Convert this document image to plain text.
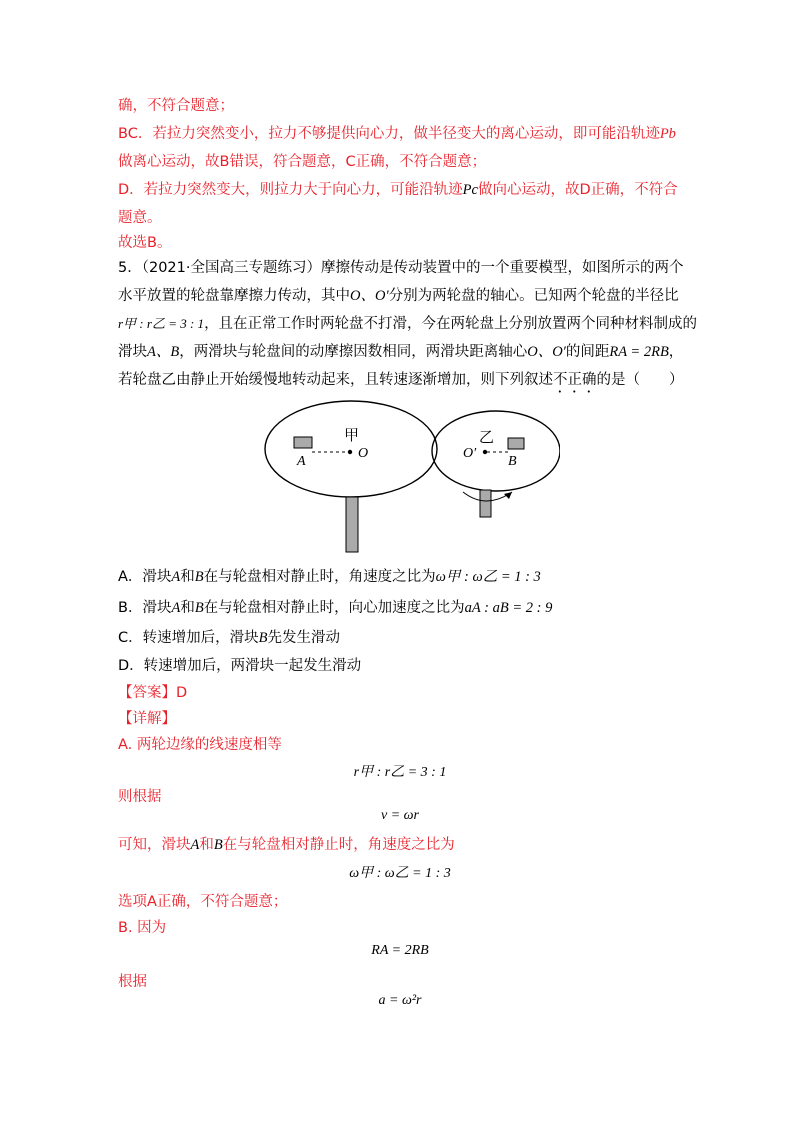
确，不符合题意；
BC．若拉力突然变小，拉力不够提供向心力，做半径变大的离心运动，即可能沿轨迹Pb
做离心运动，故B错误，符合题意，C正确，不符合题意；
D．若拉力突然变大，则拉力大于向心力，可能沿轨迹Pc做向心运动，故D正确，不符合
题意。
故选B。
5．（2021·全国高三专题练习）摩擦传动是传动装置中的一个重要模型，如图所示的两个
水平放置的轮盘靠摩擦力传动，其中O、O′分别为两轮盘的轴心。已知两个轮盘的半径比
r甲 : r乙 = 3 : 1，且在正常工作时两轮盘不打滑，今在两轮盘上分别放置两个同种材料制成的
滑块A、B，两滑块与轮盘间的动摩擦因数相同，两滑块距离轴心O、O′的间距RA = 2RB，
若轮盘乙由静止开始缓慢地转动起来，且转速逐渐增加，则下列叙述不正确的是（　　）
甲	乙
A
O	O′
B
A．滑块A和B在与轮盘相对静止时，角速度之比为ω甲 : ω乙 = 1 : 3
B．滑块A和B在与轮盘相对静止时，向心加速度之比为aA : aB = 2 : 9
C．转速增加后，滑块B先发生滑动
D．转速增加后，两滑块一起发生滑动
【答案】D
【详解】
A. 两轮边缘的线速度相等
r甲 : r乙 = 3 : 1
则根据
v = ωr
可知，滑块A和B在与轮盘相对静止时，角速度之比为
ω甲 : ω乙 = 1 : 3
选项A正确，不符合题意；
B. 因为
RA = 2RB
根据
a = ω²r
